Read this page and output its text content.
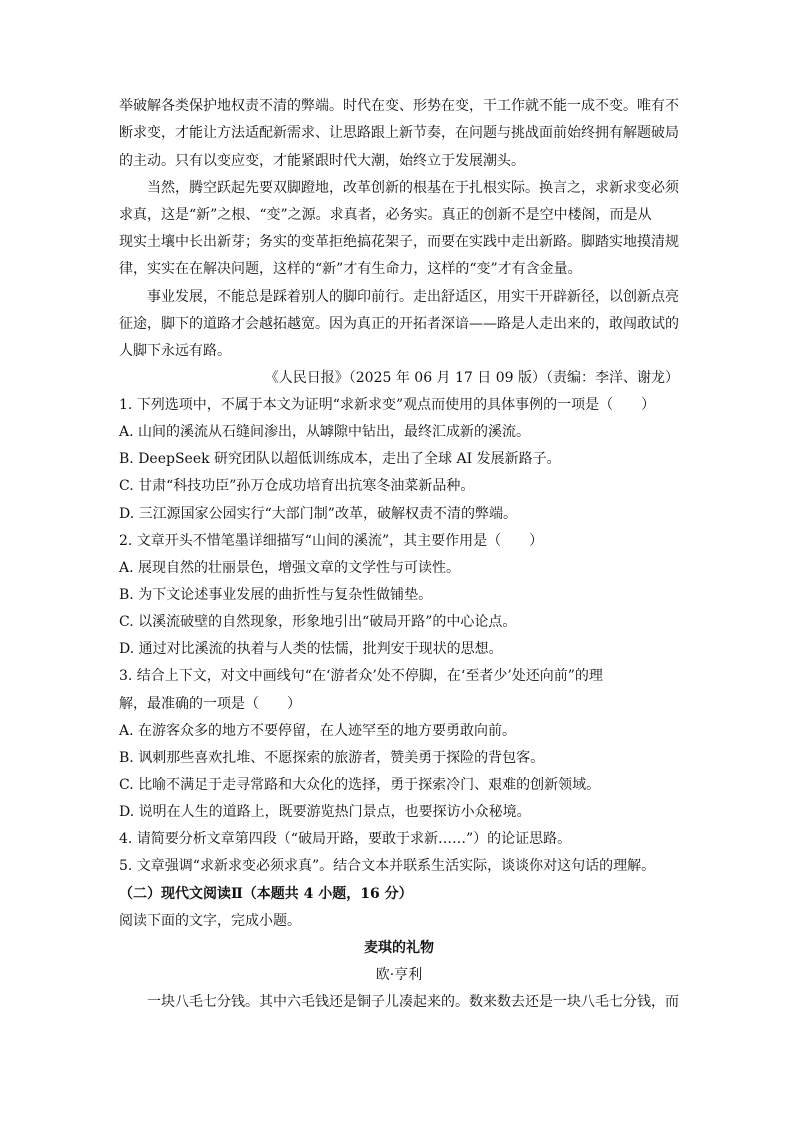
举破解各类保护地权责不清的弊端。时代在变、形势在变，干工作就不能一成不变。唯有不
断求变，才能让方法适配新需求、让思路跟上新节奏，在问题与挑战面前始终拥有解题破局
的主动。只有以变应变，才能紧跟时代大潮，始终立于发展潮头。
当然，腾空跃起先要双脚蹬地，改革创新的根基在于扎根实际。换言之，求新求变必须
求真，这是“新”之根、“变”之源。求真者，必务实。真正的创新不是空中楼阁，而是从
现实土壤中长出新芽；务实的变革拒绝搞花架子，而要在实践中走出新路。脚踏实地摸清规
律，实实在在解决问题，这样的“新”才有生命力，这样的“变”才有含金量。
事业发展，不能总是踩着别人的脚印前行。走出舒适区，用实干开辟新径，以创新点亮
征途，脚下的道路才会越拓越宽。因为真正的开拓者深谙——路是人走出来的，敢闯敢试的
人脚下永远有路。
《人民日报》（2025 年 06 月 17 日 09 版）（责编：李洋、谢龙）
1. 下列选项中，不属于本文为证明“求新求变”观点而使用的具体事例的一项是（　　）
A. 山间的溪流从石缝间渗出，从罅隙中钻出，最终汇成新的溪流。
B. DeepSeek 研究团队以超低训练成本，走出了全球 AI 发展新路子。
C. 甘肃“科技功臣”孙万仓成功培育出抗寒冬油菜新品种。
D. 三江源国家公园实行“大部门制”改革，破解权责不清的弊端。
2. 文章开头不惜笔墨详细描写“山间的溪流”，其主要作用是（　　）
A. 展现自然的壮丽景色，增强文章的文学性与可读性。
B. 为下文论述事业发展的曲折性与复杂性做铺垫。
C. 以溪流破壁的自然现象，形象地引出“破局开路”的中心论点。
D. 通过对比溪流的执着与人类的怯懦，批判安于现状的思想。
3. 结合上下文，对文中画线句“在‘游者众’处不停脚，在‘至者少’处还向前”的理
解，最准确的一项是（　　）
A. 在游客众多的地方不要停留，在人迹罕至的地方要勇敢向前。
B. 讽刺那些喜欢扎堆、不愿探索的旅游者，赞美勇于探险的背包客。
C. 比喻不满足于走寻常路和大众化的选择，勇于探索冷门、艰难的创新领域。
D. 说明在人生的道路上，既要游览热门景点，也要探访小众秘境。
4. 请简要分析文章第四段（“破局开路，要敢于求新……”）的论证思路。
5. 文章强调“求新求变必须求真”。结合文本并联系生活实际，谈谈你对这句话的理解。
（二）现代文阅读Ⅱ（本题共 4 小题，16 分）
阅读下面的文字，完成小题。
麦琪的礼物
欧·亨利
一块八毛七分钱。其中六毛钱还是铜子儿凑起来的。数来数去还是一块八毛七分钱，而
